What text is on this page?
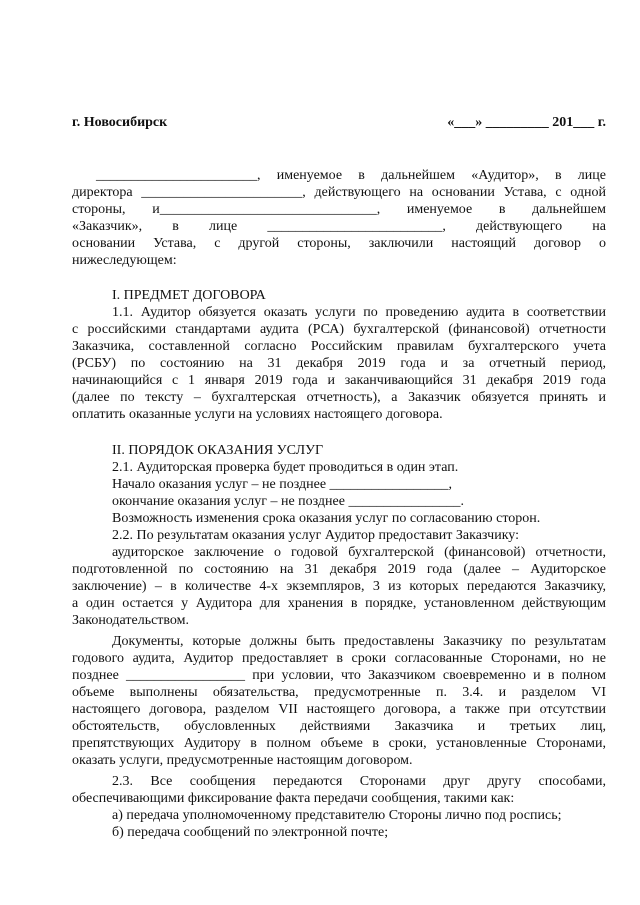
г. Новосибирск	«___» _________ 201___ г.
_______________________, именуемое в дальнейшем «Аудитор», в лице
директора _______________________, действующего на основании Устава, с одной
стороны, и_______________________________, именуемое в дальнейшем
«Заказчик», в лице _________________________, действующего на
основании Устава, с другой стороны, заключили настоящий договор о
нижеследующем:
I. ПРЕДМЕТ ДОГОВОРА
1.1. Аудитор обязуется оказать услуги по проведению аудита в соответствии
с российскими стандартами аудита (РСА) бухгалтерской (финансовой) отчетности
Заказчика, составленной согласно Российским правилам бухгалтерского учета
(РСБУ) по состоянию на 31 декабря 2019 года и за отчетный период,
начинающийся с 1 января 2019 года и заканчивающийся 31 декабря 2019 года
(далее по тексту – бухгалтерская отчетность), а Заказчик обязуется принять и
оплатить оказанные услуги на условиях настоящего договора.
II. ПОРЯДОК ОКАЗАНИЯ УСЛУГ
2.1. Аудиторская проверка будет проводиться в один этап.
Начало оказания услуг – не позднее _________________,
окончание оказания услуг – не позднее ________________.
Возможность изменения срока оказания услуг по согласованию сторон.
2.2. По результатам оказания услуг Аудитор предоставит Заказчику:
аудиторское заключение о годовой бухгалтерской (финансовой) отчетности,
подготовленной по состоянию на 31 декабря 2019 года (далее – Аудиторское
заключение) – в количестве 4-х экземпляров, 3 из которых передаются Заказчику,
а один остается у Аудитора для хранения в порядке, установленном действующим
Законодательством.
Документы, которые должны быть предоставлены Заказчику по результатам
годового аудита, Аудитор предоставляет в сроки согласованные Сторонами, но не
позднее _________________ при условии, что Заказчиком своевременно и в полном
объеме выполнены обязательства, предусмотренные п. 3.4. и разделом VI
настоящего договора, разделом VII настоящего договора, а также при отсутствии
обстоятельств, обусловленных действиями Заказчика и третьих лиц,
препятствующих Аудитору в полном объеме в сроки, установленные Сторонами,
оказать услуги, предусмотренные настоящим договором.
2.3. Все сообщения передаются Сторонами друг другу способами,
обеспечивающими фиксирование факта передачи сообщения, такими как:
а) передача уполномоченному представителю Стороны лично под роспись;
б) передача сообщений по электронной почте;
